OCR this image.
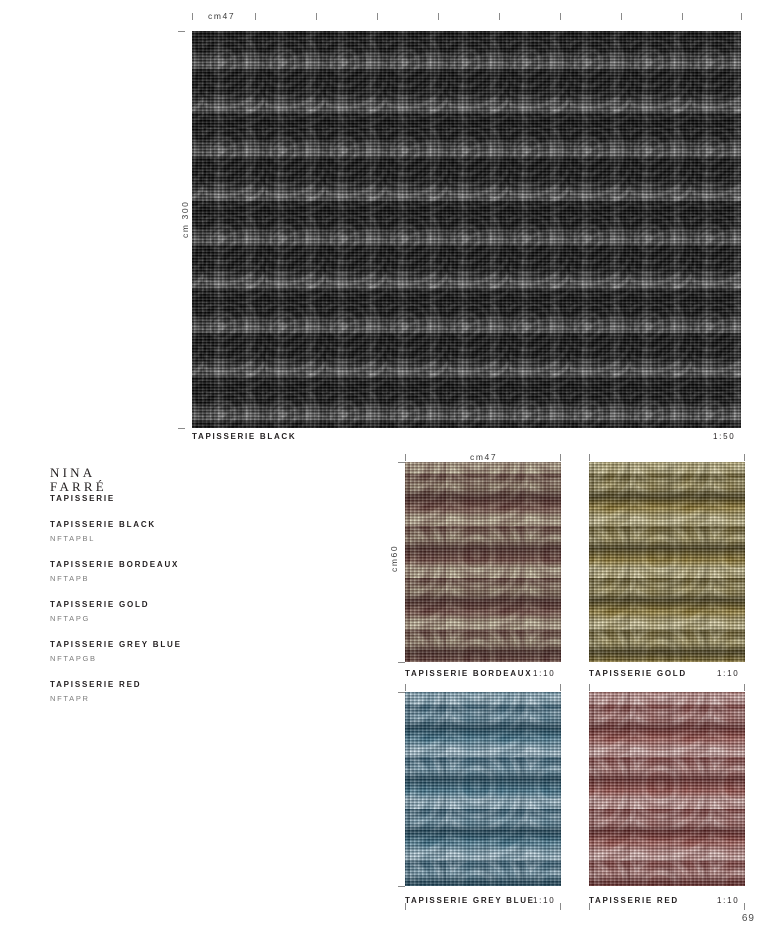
cm47
cm 300
TAPISSERIE BLACK	1:50
NINA
FARRÉ
TAPISSERIE
TAPISSERIE BLACK
NFTAPBL
TAPISSERIE BORDEAUX
NFTAPB
TAPISSERIE GOLD
NFTAPG
TAPISSERIE GREY BLUE
NFTAPGB
TAPISSERIE RED
NFTAPR
cm47
cm60
TAPISSERIE BORDEAUX 1:10	TAPISSERIE GOLD	1:10
TAPISSERIE GREY BLUE
1:10	TAPISSERIE RED	1:10
69
